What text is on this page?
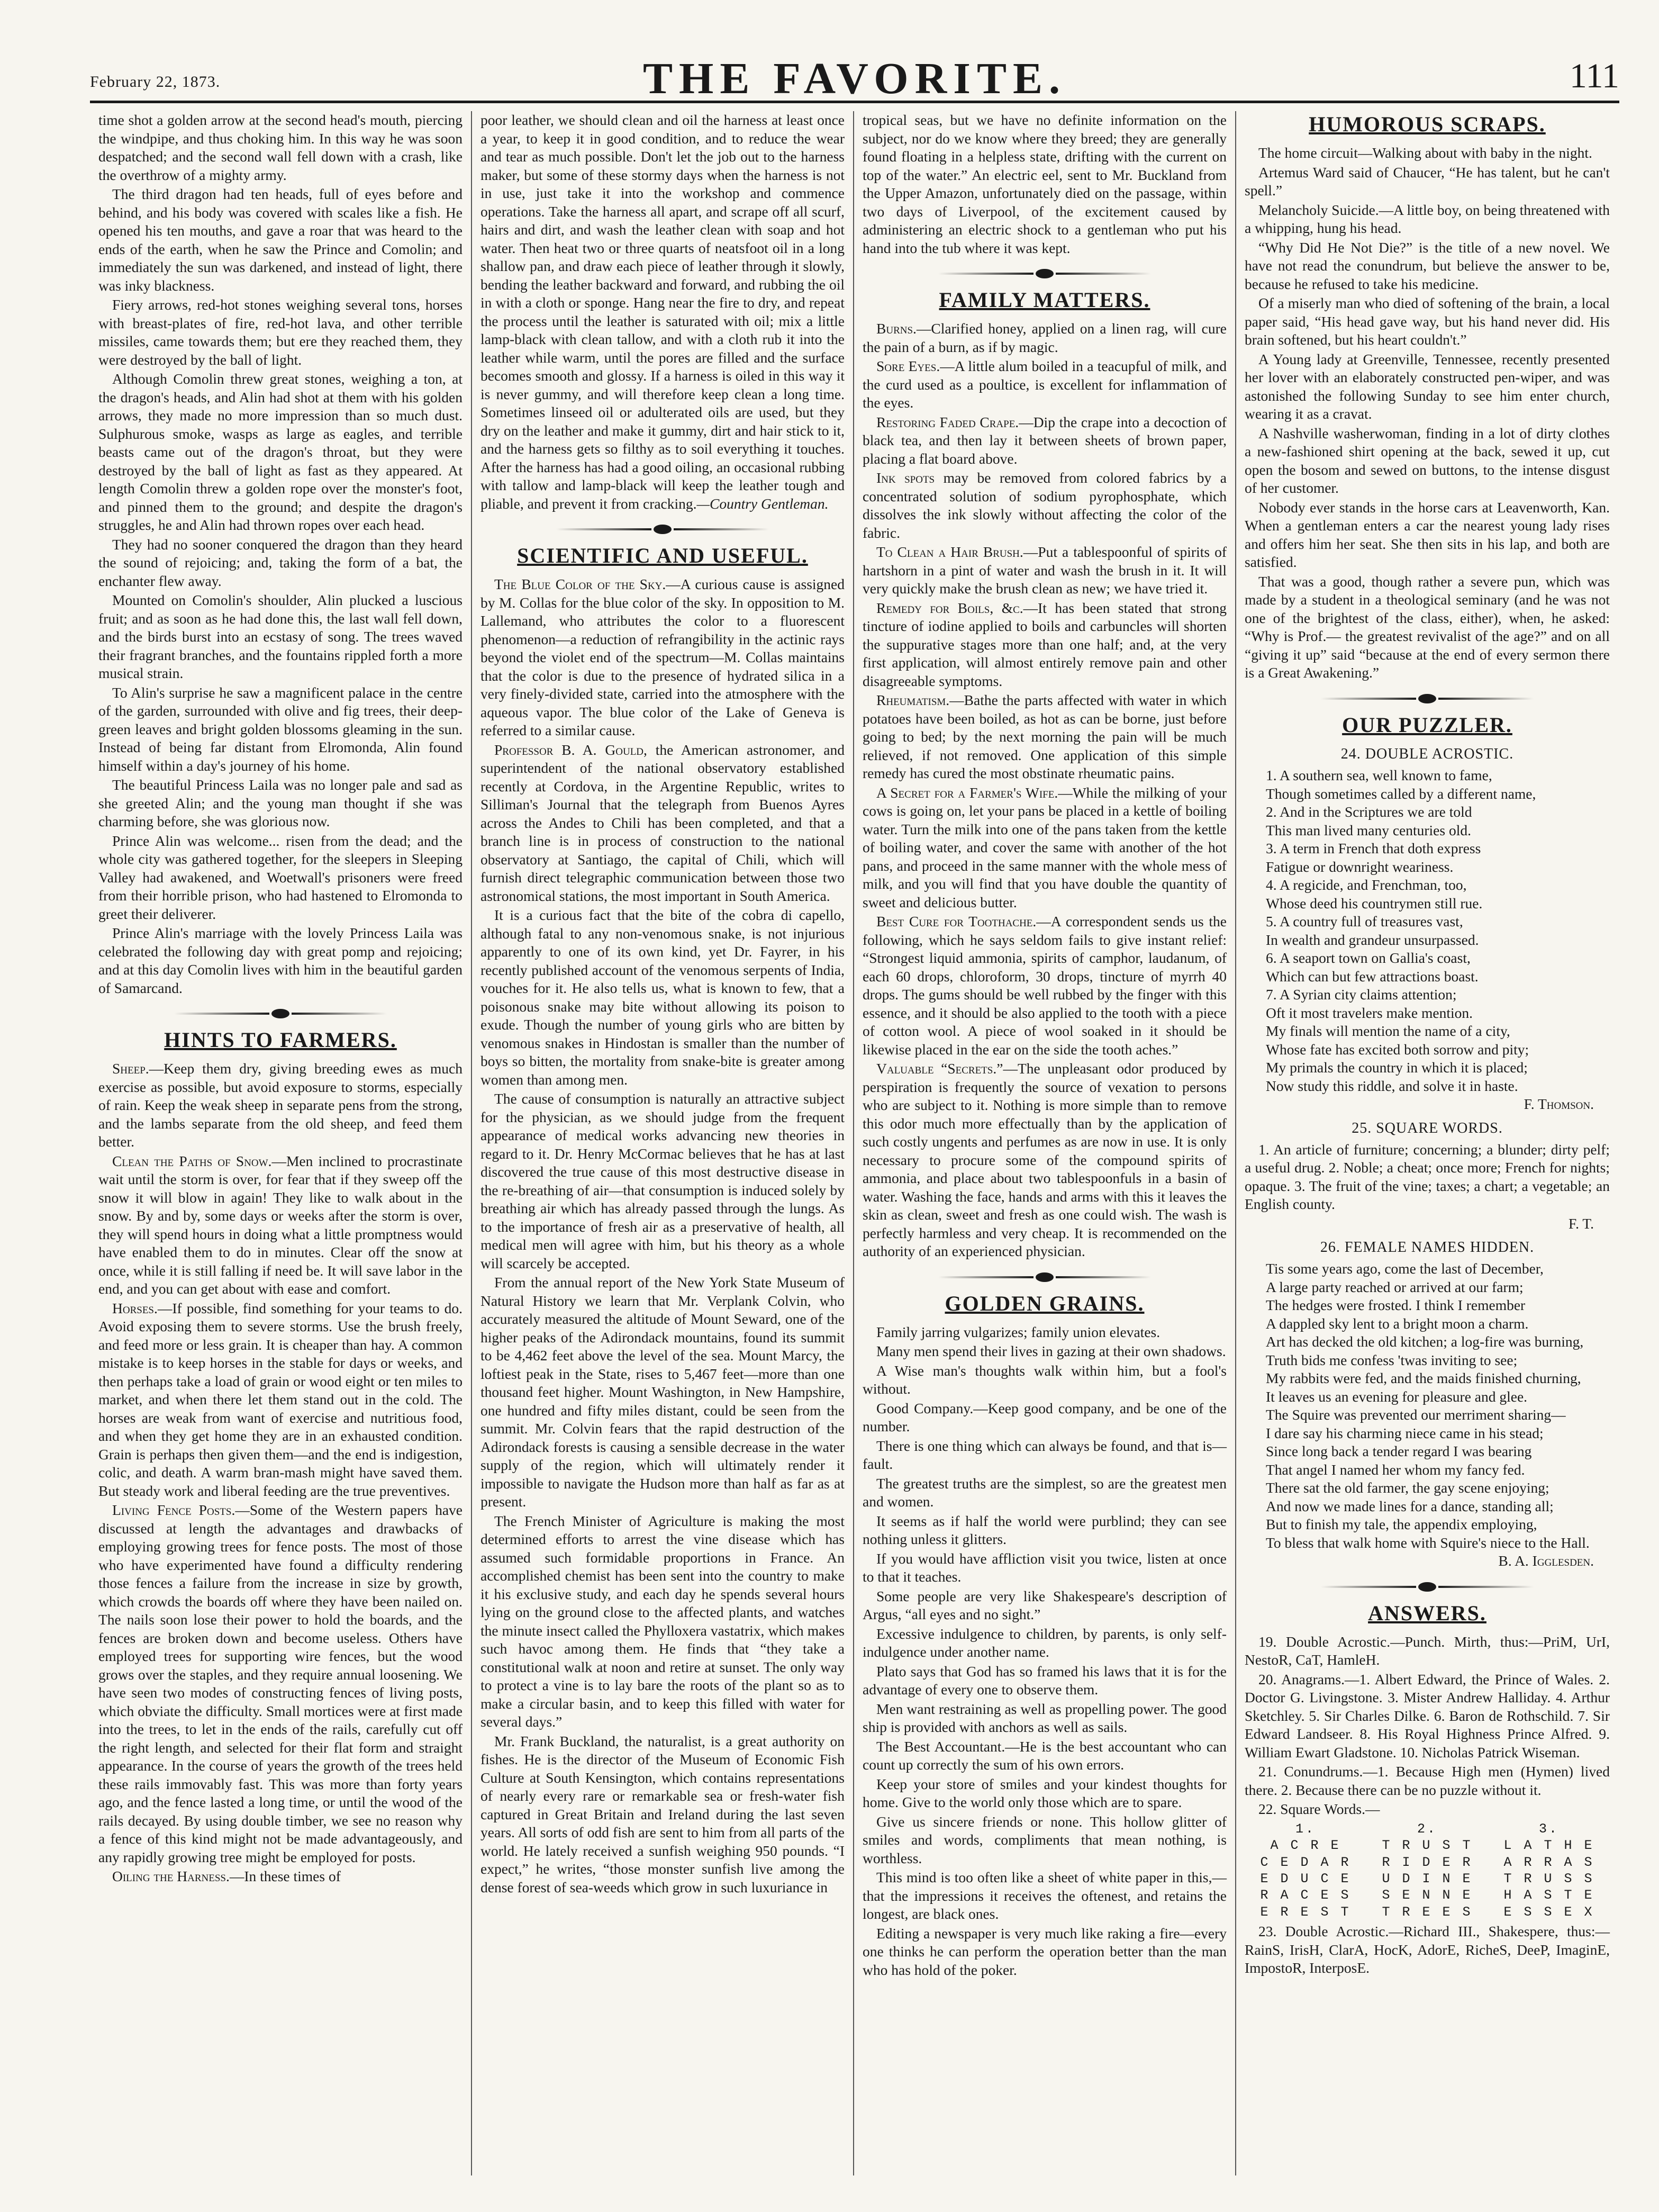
February 22, 1873.	THE FAVORITE.	111

time shot a golden arrow at the second head's mouth, piercing the windpipe, and thus choking him. In this way he was soon despatched; and the second wall fell down with a crash, like the overthrow of a mighty army.

The third dragon had ten heads, full of eyes before and behind, and his body was covered with scales like a fish. He opened his ten mouths, and gave a roar that was heard to the ends of the earth, when he saw the Prince and Comolin; and immediately the sun was darkened, and instead of light, there was inky blackness.

Fiery arrows, red-hot stones weighing several tons, horses with breast-plates of fire, red-hot lava, and other terrible missiles, came towards them; but ere they reached them, they were destroyed by the ball of light.

Although Comolin threw great stones, weighing a ton, at the dragon's heads, and Alin had shot at them with his golden arrows, they made no more impression than so much dust. Sulphurous smoke, wasps as large as eagles, and terrible beasts came out of the dragon's throat, but they were destroyed by the ball of light as fast as they appeared. At length Comolin threw a golden rope over the monster's foot, and pinned them to the ground; and despite the dragon's struggles, he and Alin had thrown ropes over each head.

They had no sooner conquered the dragon than they heard the sound of rejoicing; and, taking the form of a bat, the enchanter flew away.

Mounted on Comolin's shoulder, Alin plucked a luscious fruit; and as soon as he had done this, the last wall fell down, and the birds burst into an ecstasy of song. The trees waved their fragrant branches, and the fountains rippled forth a more musical strain.

To Alin's surprise he saw a magnificent palace in the centre of the garden, surrounded with olive and fig trees, their deep-green leaves and bright golden blossoms gleaming in the sun. Instead of being far distant from Elromonda, Alin found himself within a day's journey of his home.

The beautiful Princess Laila was no longer pale and sad as she greeted Alin; and the young man thought if she was charming before, she was glorious now.

Prince Alin was welcome... risen from the dead; and the whole city was gathered together, for the sleepers in Sleeping Valley had awakened, and Woetwall's prisoners were freed from their horrible prison, who had hastened to Elromonda to greet their deliverer.

Prince Alin's marriage with the lovely Princess Laila was celebrated the following day with great pomp and rejoicing; and at this day Comolin lives with him in the beautiful garden of Samarcand.

HINTS TO FARMERS.

Sheep.—Keep them dry, giving breeding ewes as much exercise as possible, but avoid exposure to storms, especially of rain. Keep the weak sheep in separate pens from the strong, and the lambs separate from the old sheep, and feed them better.

Clean the Paths of Snow.—Men inclined to procrastinate wait until the storm is over, for fear that if they sweep off the snow it will blow in again! They like to walk about in the snow. By and by, some days or weeks after the storm is over, they will spend hours in doing what a little promptness would have enabled them to do in minutes. Clear off the snow at once, while it is still falling if need be. It will save labor in the end, and you can get about with ease and comfort.

Horses.—If possible, find something for your teams to do. Avoid exposing them to severe storms. Use the brush freely, and feed more or less grain. It is cheaper than hay. A common mistake is to keep horses in the stable for days or weeks, and then perhaps take a load of grain or wood eight or ten miles to market, and when there let them stand out in the cold. The horses are weak from want of exercise and nutritious food, and when they get home they are in an exhausted condition. Grain is perhaps then given them—and the end is indigestion, colic, and death. A warm bran-mash might have saved them. But steady work and liberal feeding are the true preventives.

Living Fence Posts.—Some of the Western papers have discussed at length the advantages and drawbacks of employing growing trees for fence posts. The most of those who have experimented have found a difficulty rendering those fences a failure from the increase in size by growth, which crowds the boards off where they have been nailed on. The nails soon lose their power to hold the boards, and the fences are broken down and become useless. Others have employed trees for supporting wire fences, but the wood grows over the staples, and they require annual loosening. We have seen two modes of constructing fences of living posts, which obviate the difficulty. Small mortices were at first made into the trees, to let in the ends of the rails, carefully cut off the right length, and selected for their flat form and straight appearance. In the course of years the growth of the trees held these rails immovably fast. This was more than forty years ago, and the fence lasted a long time, or until the wood of the rails decayed. By using double timber, we see no reason why a fence of this kind might not be made advantageously, and any rapidly growing tree might be employed for posts.

Oiling the Harness.—In these times of

poor leather, we should clean and oil the harness at least once a year, to keep it in good condition, and to reduce the wear and tear as much possible. Don't let the job out to the harness maker, but some of these stormy days when the harness is not in use, just take it into the workshop and commence operations. Take the harness all apart, and scrape off all scurf, hairs and dirt, and wash the leather clean with soap and hot water. Then heat two or three quarts of neatsfoot oil in a long shallow pan, and draw each piece of leather through it slowly, bending the leather backward and forward, and rubbing the oil in with a cloth or sponge. Hang near the fire to dry, and repeat the process until the leather is saturated with oil; mix a little lamp-black with clean tallow, and with a cloth rub it into the leather while warm, until the pores are filled and the surface becomes smooth and glossy. If a harness is oiled in this way it is never gummy, and will therefore keep clean a long time. Sometimes linseed oil or adulterated oils are used, but they dry on the leather and make it gummy, dirt and hair stick to it, and the harness gets so filthy as to soil everything it touches. After the harness has had a good oiling, an occasional rubbing with tallow and lamp-black will keep the leather tough and pliable, and prevent it from cracking.—Country Gentleman.

SCIENTIFIC AND USEFUL.

The Blue Color of the Sky.—A curious cause is assigned by M. Collas for the blue color of the sky. In opposition to M. Lallemand, who attributes the color to a fluorescent phenomenon—a reduction of refrangibility in the actinic rays beyond the violet end of the spectrum—M. Collas maintains that the color is due to the presence of hydrated silica in a very finely-divided state, carried into the atmosphere with the aqueous vapor. The blue color of the Lake of Geneva is referred to a similar cause.

Professor B. A. Gould, the American astronomer, and superintendent of the national observatory established recently at Cordova, in the Argentine Republic, writes to Silliman's Journal that the telegraph from Buenos Ayres across the Andes to Chili has been completed, and that a branch line is in process of construction to the national observatory at Santiago, the capital of Chili, which will furnish direct telegraphic communication between those two astronomical stations, the most important in South America.

It is a curious fact that the bite of the cobra di capello, although fatal to any non-venomous snake, is not injurious apparently to one of its own kind, yet Dr. Fayrer, in his recently published account of the venomous serpents of India, vouches for it. He also tells us, what is known to few, that a poisonous snake may bite without allowing its poison to exude. Though the number of young girls who are bitten by venomous snakes in Hindostan is smaller than the number of boys so bitten, the mortality from snake-bite is greater among women than among men.

The cause of consumption is naturally an attractive subject for the physician, as we should judge from the frequent appearance of medical works advancing new theories in regard to it. Dr. Henry McCormac believes that he has at last discovered the true cause of this most destructive disease in the re-breathing of air—that consumption is induced solely by breathing air which has already passed through the lungs. As to the importance of fresh air as a preservative of health, all medical men will agree with him, but his theory as a whole will scarcely be accepted.

From the annual report of the New York State Museum of Natural History we learn that Mr. Verplank Colvin, who accurately measured the altitude of Mount Seward, one of the higher peaks of the Adirondack mountains, found its summit to be 4,462 feet above the level of the sea. Mount Marcy, the loftiest peak in the State, rises to 5,467 feet—more than one thousand feet higher. Mount Washington, in New Hampshire, one hundred and fifty miles distant, could be seen from the summit. Mr. Colvin fears that the rapid destruction of the Adirondack forests is causing a sensible decrease in the water supply of the region, which will ultimately render it impossible to navigate the Hudson more than half as far as at present.

The French Minister of Agriculture is making the most determined efforts to arrest the vine disease which has assumed such formidable proportions in France. An accomplished chemist has been sent into the country to make it his exclusive study, and each day he spends several hours lying on the ground close to the affected plants, and watches the minute insect called the Phylloxera vastatrix, which makes such havoc among them. He finds that “they take a constitutional walk at noon and retire at sunset. The only way to protect a vine is to lay bare the roots of the plant so as to make a circular basin, and to keep this filled with water for several days.”

Mr. Frank Buckland, the naturalist, is a great authority on fishes. He is the director of the Museum of Economic Fish Culture at South Kensington, which contains representations of nearly every rare or remarkable sea or fresh-water fish captured in Great Britain and Ireland during the last seven years. All sorts of odd fish are sent to him from all parts of the world. He lately received a sunfish weighing 950 pounds. “I expect,” he writes, “those monster sunfish live among the dense forest of sea-weeds which grow in such luxuriance in

tropical seas, but we have no definite information on the subject, nor do we know where they breed; they are generally found floating in a helpless state, drifting with the current on top of the water.” An electric eel, sent to Mr. Buckland from the Upper Amazon, unfortunately died on the passage, within two days of Liverpool, of the excitement caused by administering an electric shock to a gentleman who put his hand into the tub where it was kept.

FAMILY MATTERS.

Burns.—Clarified honey, applied on a linen rag, will cure the pain of a burn, as if by magic.

Sore Eyes.—A little alum boiled in a teacupful of milk, and the curd used as a poultice, is excellent for inflammation of the eyes.

Restoring Faded Crape.—Dip the crape into a decoction of black tea, and then lay it between sheets of brown paper, placing a flat board above.

Ink spots may be removed from colored fabrics by a concentrated solution of sodium pyrophosphate, which dissolves the ink slowly without affecting the color of the fabric.

To Clean a Hair Brush.—Put a tablespoonful of spirits of hartshorn in a pint of water and wash the brush in it. It will very quickly make the brush clean as new; we have tried it.

Remedy for Boils, &c.—It has been stated that strong tincture of iodine applied to boils and carbuncles will shorten the suppurative stages more than one half; and, at the very first application, will almost entirely remove pain and other disagreeable symptoms.

Rheumatism.—Bathe the parts affected with water in which potatoes have been boiled, as hot as can be borne, just before going to bed; by the next morning the pain will be much relieved, if not removed. One application of this simple remedy has cured the most obstinate rheumatic pains.

A Secret for a Farmer's Wife.—While the milking of your cows is going on, let your pans be placed in a kettle of boiling water. Turn the milk into one of the pans taken from the kettle of boiling water, and cover the same with another of the hot pans, and proceed in the same manner with the whole mess of milk, and you will find that you have double the quantity of sweet and delicious butter.

Best Cure for Toothache.—A correspondent sends us the following, which he says seldom fails to give instant relief: “Strongest liquid ammonia, spirits of camphor, laudanum, of each 60 drops, chloroform, 30 drops, tincture of myrrh 40 drops. The gums should be well rubbed by the finger with this essence, and it should be also applied to the tooth with a piece of cotton wool. A piece of wool soaked in it should be likewise placed in the ear on the side the tooth aches.”

Valuable “Secrets.”—The unpleasant odor produced by perspiration is frequently the source of vexation to persons who are subject to it. Nothing is more simple than to remove this odor much more effectually than by the application of such costly ungents and perfumes as are now in use. It is only necessary to procure some of the compound spirits of ammonia, and place about two tablespoonfuls in a basin of water. Washing the face, hands and arms with this it leaves the skin as clean, sweet and fresh as one could wish. The wash is perfectly harmless and very cheap. It is recommended on the authority of an experienced physician.

GOLDEN GRAINS.

Family jarring vulgarizes; family union elevates.

Many men spend their lives in gazing at their own shadows.

A Wise man's thoughts walk within him, but a fool's without.

Good Company.—Keep good company, and be one of the number.

There is one thing which can always be found, and that is—fault.

The greatest truths are the simplest, so are the greatest men and women.

It seems as if half the world were purblind; they can see nothing unless it glitters.

If you would have affliction visit you twice, listen at once to that it teaches.

Some people are very like Shakespeare's description of Argus, “all eyes and no sight.”

Excessive indulgence to children, by parents, is only self-indulgence under another name.

Plato says that God has so framed his laws that it is for the advantage of every one to observe them.

Men want restraining as well as propelling power. The good ship is provided with anchors as well as sails.

The Best Accountant.—He is the best accountant who can count up correctly the sum of his own errors.

Keep your store of smiles and your kindest thoughts for home. Give to the world only those which are to spare.

Give us sincere friends or none. This hollow glitter of smiles and words, compliments that mean nothing, is worthless.

This mind is too often like a sheet of white paper in this,—that the impressions it receives the oftenest, and retains the longest, are black ones.

Editing a newspaper is very much like raking a fire—every one thinks he can perform the operation better than the man who has hold of the poker.

HUMOROUS SCRAPS.

The home circuit—Walking about with baby in the night.

Artemus Ward said of Chaucer, “He has talent, but he can't spell.”

Melancholy Suicide.—A little boy, on being threatened with a whipping, hung his head.

“Why Did He Not Die?” is the title of a new novel. We have not read the conundrum, but believe the answer to be, because he refused to take his medicine.

Of a miserly man who died of softening of the brain, a local paper said, “His head gave way, but his hand never did. His brain softened, but his heart couldn't.”

A Young lady at Greenville, Tennessee, recently presented her lover with an elaborately constructed pen-wiper, and was astonished the following Sunday to see him enter church, wearing it as a cravat.

A Nashville washerwoman, finding in a lot of dirty clothes a new-fashioned shirt opening at the back, sewed it up, cut open the bosom and sewed on buttons, to the intense disgust of her customer.

Nobody ever stands in the horse cars at Leavenworth, Kan. When a gentleman enters a car the nearest young lady rises and offers him her seat. She then sits in his lap, and both are satisfied.

That was a good, though rather a severe pun, which was made by a student in a theological seminary (and he was not one of the brightest of the class, either), when, he asked: “Why is Prof.— the greatest revivalist of the age?” and on all “giving it up” said “because at the end of every sermon there is a Great Awakening.”

OUR PUZZLER.
24. DOUBLE ACROSTIC.

1. A southern sea, well known to fame,

Though sometimes called by a different name,

2. And in the Scriptures we are told

This man lived many centuries old.

3. A term in French that doth express

Fatigue or downright weariness.

4. A regicide, and Frenchman, too,

Whose deed his countrymen still rue.

5. A country full of treasures vast,

In wealth and grandeur unsurpassed.

6. A seaport town on Gallia's coast,

Which can but few attractions boast.

7. A Syrian city claims attention;

Oft it most travelers make mention.

My finals will mention the name of a city,

Whose fate has excited both sorrow and pity;

My primals the country in which it is placed;

Now study this riddle, and solve it in haste.

F. Thomson.

25. SQUARE WORDS.

1. An article of furniture; concerning; a blunder; dirty pelf; a useful drug. 2. Noble; a cheat; once more; French for nights; opaque. 3. The fruit of the vine; taxes; a chart; a vegetable; an English county.

F. T.

26. FEMALE NAMES HIDDEN.

Tis some years ago, come the last of December,

A large party reached or arrived at our farm;

The hedges were frosted. I think I remember

A dappled sky lent to a bright moon a charm.

Art has decked the old kitchen; a log-fire was burning,

Truth bids me confess 'twas inviting to see;

My rabbits were fed, and the maids finished churning,

It leaves us an evening for pleasure and glee.

The Squire was prevented our merriment sharing—

I dare say his charming niece came in his stead;

Since long back a tender regard I was bearing

That angel I named her whom my fancy fed.

There sat the old farmer, the gay scene enjoying;

And now we made lines for a dance, standing all;

But to finish my tale, the appendix employing,

To bless that walk home with Squire's niece to the Hall.

B. A. Igglesden.

ANSWERS.

19. Double Acrostic.—Punch. Mirth, thus:—PriM, UrI, NestoR, CaT, HamleH.

20. Anagrams.—1. Albert Edward, the Prince of Wales. 2. Doctor G. Livingstone. 3. Mister Andrew Halliday. 4. Arthur Sketchley. 5. Sir Charles Dilke. 6. Baron de Rothschild. 7. Sir Edward Landseer. 8. His Royal Highness Prince Alfred. 9. William Ewart Gladstone. 10. Nicholas Patrick Wiseman.

21. Conundrums.—1. Because High men (Hymen) lived there. 2. Because there can be no puzzle without it.

22. Square Words.—

1.	2.	3.
A C R E	T R U S T	L A T H E
C E D A R	R I D E R	A R R A S
E D U C E	U D I N E	T R U S S
R A C E S	S E N N E	H A S T E
E R E S T	T R E E S	E S S E X

23. Double Acrostic.—Richard III., Shakespere, thus:—RainS, IrisH, ClarA, HocK, AdorE, RicheS, DeeP, ImaginE, ImpostoR, InterposE.
